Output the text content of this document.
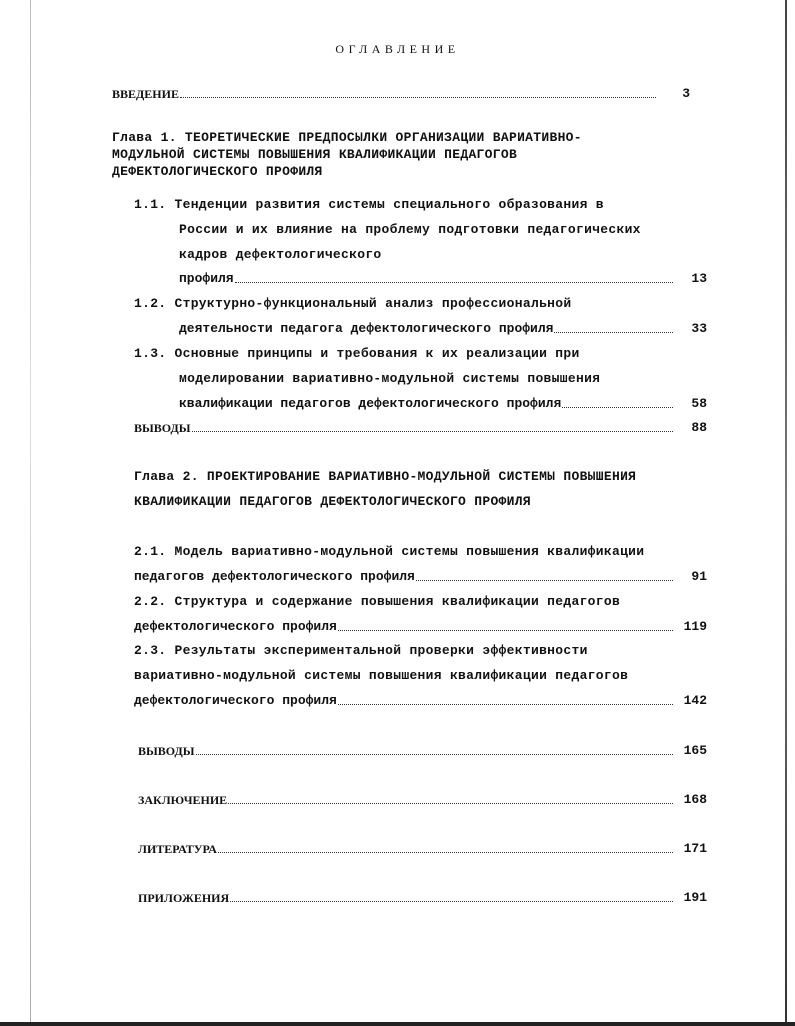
ОГЛАВЛЕНИЕ
ВВЕДЕНИЕ	3
Глава 1. ТЕОРЕТИЧЕСКИЕ ПРЕДПОСЫЛКИ ОРГАНИЗАЦИИ ВАРИАТИВНО-
МОДУЛЬНОЙ СИСТЕМЫ ПОВЫШЕНИЯ КВАЛИФИКАЦИИ ПЕДАГОГОВ
ДЕФЕКТОЛОГИЧЕСКОГО ПРОФИЛЯ
1.1. Тенденции развития системы специального образования в
России и их влияние на проблему подготовки педагогических
кадров дефектологического
профиля	13
1.2. Структурно-функциональный анализ профессиональной
деятельности педагога дефектологического профиля	33
1.3. Основные принципы и требования к их реализации при
моделировании вариативно-модульной системы повышения
квалификации педагогов дефектологического профиля	58
ВЫВОДЫ	88
Глава 2. ПРОЕКТИРОВАНИЕ ВАРИАТИВНО-МОДУЛЬНОЙ СИСТЕМЫ ПОВЫШЕНИЯ
КВАЛИФИКАЦИИ ПЕДАГОГОВ ДЕФЕКТОЛОГИЧЕСКОГО ПРОФИЛЯ
2.1. Модель вариативно-модульной системы повышения квалификации
педагогов дефектологического профиля	91
2.2. Структура и содержание повышения квалификации педагогов
дефектологического профиля	119
2.3. Результаты экспериментальной проверки эффективности
вариативно-модульной системы повышения квалификации педагогов
дефектологического профиля	142
ВЫВОДЫ	165
ЗАКЛЮЧЕНИЕ	168
ЛИТЕРАТУРА	171
ПРИЛОЖЕНИЯ	191
